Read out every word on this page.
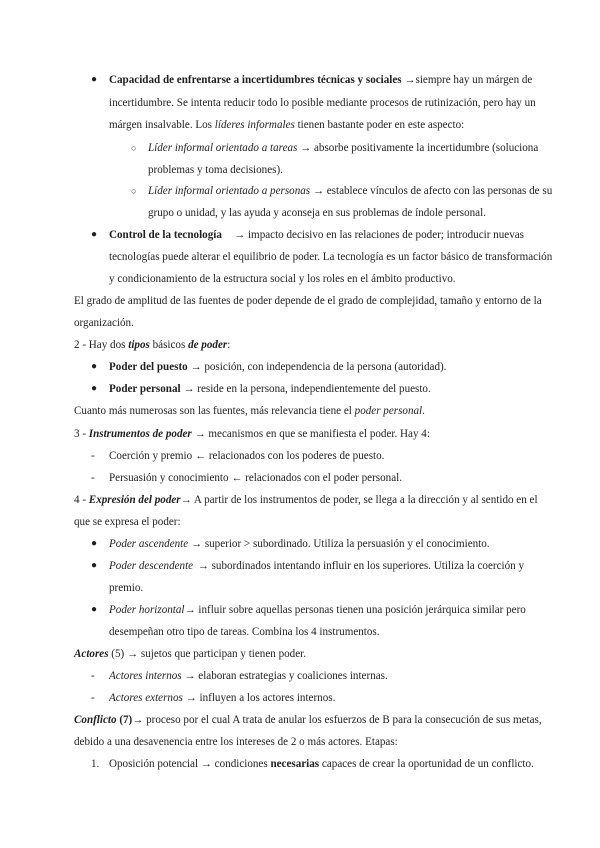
● Capacidad de enfrentarse a incertidumbres técnicas y sociales → siempre hay un márgen de
incertidumbre. Se intenta reducir todo lo posible mediante procesos de rutinización, pero hay un
márgen insalvable. Los líderes informales tienen bastante poder en este aspecto:
○ Líder informal orientado a tareas → absorbe positivamente la incertidumbre (soluciona
problemas y toma decisiones).
○ Líder informal orientado a personas → establece vínculos de afecto con las personas de su
grupo o unidad, y las ayuda y aconseja en sus problemas de índole personal.
● Control de la tecnología → impacto decisivo en las relaciones de poder; introducir nuevas
tecnologías puede alterar el equilibrio de poder. La tecnología es un factor básico de transformación
y condicionamiento de la estructura social y los roles en el ámbito productivo.
El grado de amplitud de las fuentes de poder depende de el grado de complejidad, tamaño y entorno de la
organización.
2 - Hay dos tipos básicos de poder:
● Poder del puesto → posición, con independencia de la persona (autoridad).
● Poder personal → reside en la persona, independientemente del puesto.
Cuanto más numerosas son las fuentes, más relevancia tiene el poder personal.
3 - Instrumentos de poder → mecanismos en que se manifiesta el poder. Hay 4:
- Coerción y premio ← relacionados con los poderes de puesto.
- Persuasión y conocimiento ← relacionados con el poder personal.
4 - Expresión del poder → A partir de los instrumentos de poder, se llega a la dirección y al sentido en el
que se expresa el poder:
● Poder ascendente → superior > subordinado. Utiliza la persuasión y el conocimiento.
● Poder descendente → subordinados intentando influir en los superiores. Utiliza la coerción y
premio.
● Poder horizontal → influir sobre aquellas personas tienen una posición jerárquica similar pero
desempeñan otro tipo de tareas. Combina los 4 instrumentos.
Actores (5) → sujetos que participan y tienen poder.
- Actores internos → elaboran estrategias y coaliciones internas.
- Actores externos → influyen a los actores internos.
Conflicto (7) → proceso por el cual A trata de anular los esfuerzos de B para la consecución de sus metas,
debido a una desavenencia entre los intereses de 2 o más actores. Etapas:
1. Oposición potencial → condiciones necesarias capaces de crear la oportunidad de un conflicto.
